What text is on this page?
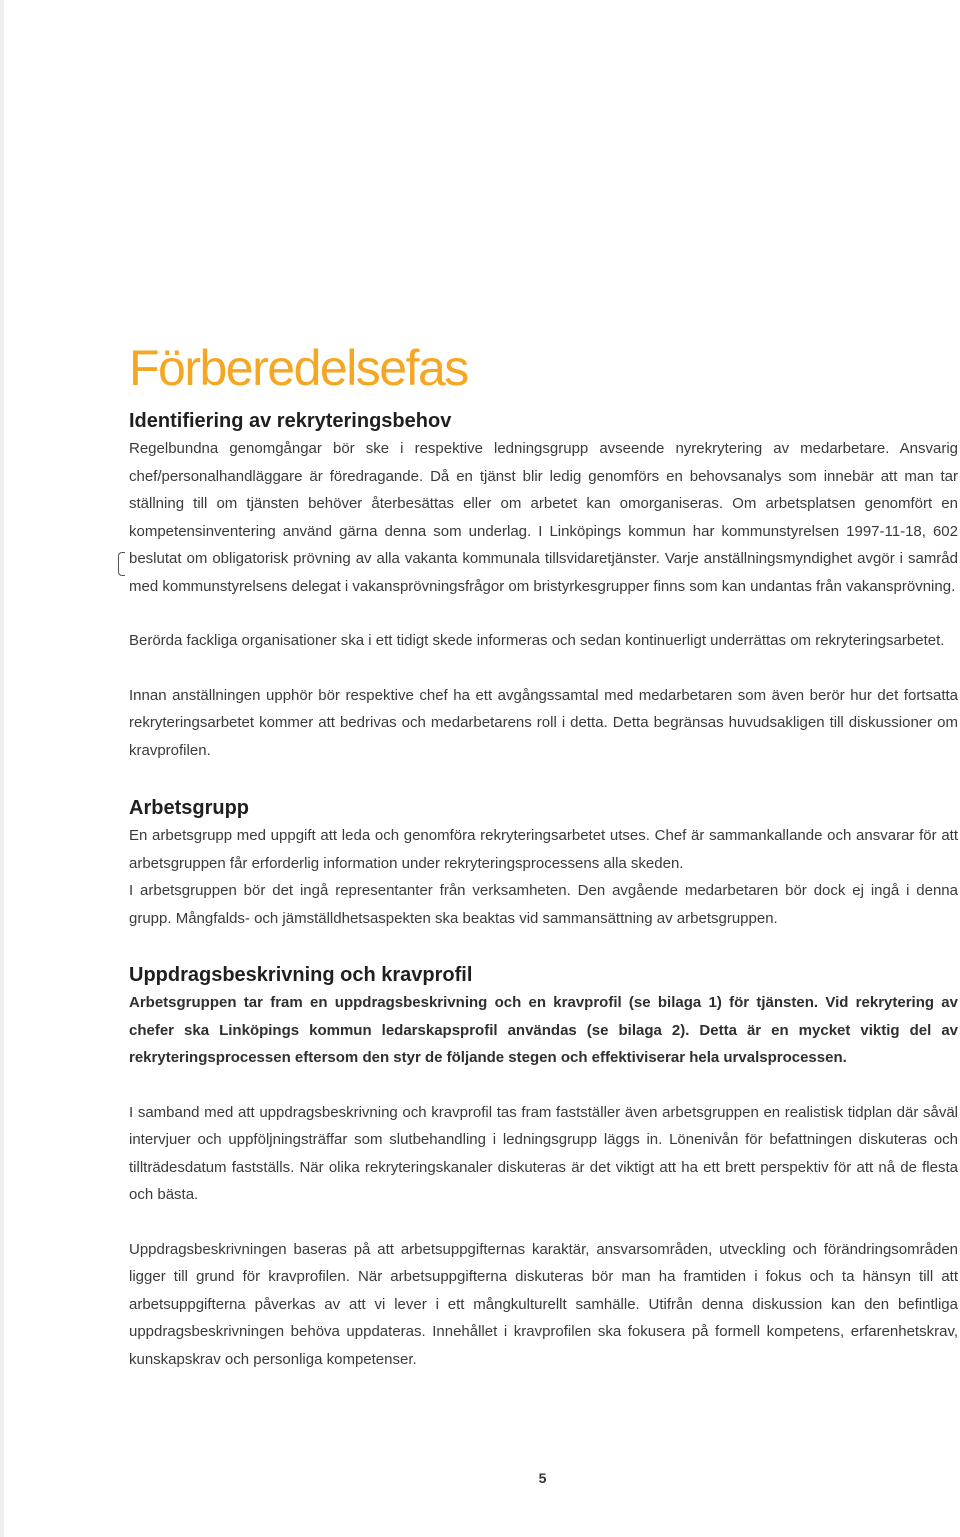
Förberedelsefas
Identifiering av rekryteringsbehov

Regelbundna genomgångar bör ske i respektive ledningsgrupp avseende nyrekrytering av medarbetare. Ansvarig chef/personalhandläggare är föredragande. Då en tjänst blir ledig genomförs en behovsanalys som innebär att man tar ställning till om tjänsten behöver återbesättas eller om arbetet kan omorganiseras. Om arbetsplatsen genomfört en kompetensinventering använd gärna denna som underlag. I Linköpings kommun har kommunstyrelsen 1997-11-18, 602 beslutat om obligatorisk prövning av alla vakanta kommunala tillsvidaretjänster. Varje anställningsmyndighet avgör i samråd med kommunstyrelsens delegat i vakansprövningsfrågor om bristyrkesgrupper finns som kan undantas från vakansprövning.

Berörda fackliga organisationer ska i ett tidigt skede informeras och sedan kontinuerligt underrättas om rekryteringsarbetet.

Innan anställningen upphör bör respektive chef ha ett avgångssamtal med medarbetaren som även berör hur det fortsatta rekryteringsarbetet kommer att bedrivas och medarbetarens roll i detta. Detta begränsas huvudsakligen till diskussioner om kravprofilen.

Arbetsgrupp

En arbetsgrupp med uppgift att leda och genomföra rekryteringsarbetet utses. Chef är sammankallande och ansvarar för att arbetsgruppen får erforderlig information under rekryteringsprocessens alla skeden.

I arbetsgruppen bör det ingå representanter från verksamheten. Den avgående medarbetaren bör dock ej ingå i denna grupp. Mångfalds- och jämställdhetsaspekten ska beaktas vid sammansättning av arbetsgruppen.

Uppdragsbeskrivning och kravprofil

Arbetsgruppen tar fram en uppdragsbeskrivning och en kravprofil (se bilaga 1) för tjänsten. Vid rekrytering av chefer ska Linköpings kommun ledarskapsprofil användas (se bilaga 2). Detta är en mycket viktig del av rekryteringsprocessen eftersom den styr de följande stegen och effektiviserar hela urvalsprocessen.

I samband med att uppdragsbeskrivning och kravprofil tas fram fastställer även arbetsgruppen en realistisk tidplan där såväl intervjuer och uppföljningsträffar som slutbehandling i ledningsgrupp läggs in. Lönenivån för befattningen diskuteras och tillträdesdatum fastställs. När olika rekryteringskanaler diskuteras är det viktigt att ha ett brett perspektiv för att nå de flesta och bästa.

Uppdragsbeskrivningen baseras på att arbetsuppgifternas karaktär, ansvarsområden, utveckling och förändringsområden ligger till grund för kravprofilen. När arbetsuppgifterna diskuteras bör man ha framtiden i fokus och ta hänsyn till att arbetsuppgifterna påverkas av att vi lever i ett mångkulturellt samhälle. Utifrån denna diskussion kan den befintliga uppdragsbeskrivningen behöva uppdateras. Innehållet i kravprofilen ska fokusera på formell kompetens, erfarenhetskrav, kunskapskrav och personliga kompetenser.

5
